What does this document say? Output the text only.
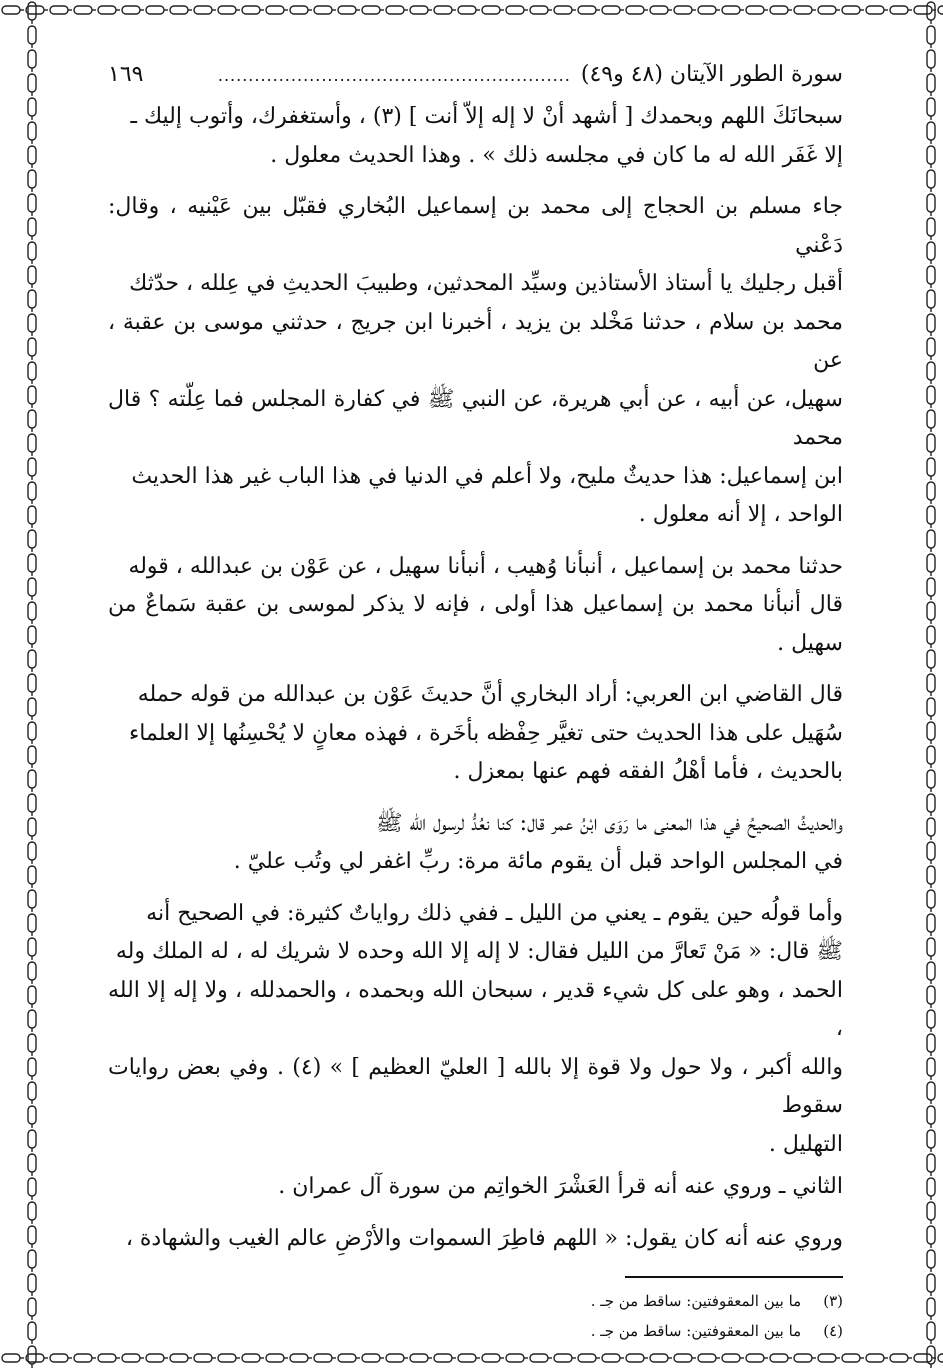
سورة الطور الآيتان (٤٨ و٤٩)
..........................................................
١٦٩

سبحانَكَ اللهم وبحمدك [ أشهد أنْ لا إله إلاّ أنت ] (٣) ، وأستغفرك، وأتوب إليك ـ

إلا غَفَر الله له ما كان في مجلسه ذلك » . وهذا الحديث معلول .

جاء مسلم بن الحجاج إلى محمد بن إسماعيل البُخاري فقبّل بين عَيْنيه ، وقال: دَعْني

أقبل رجليك يا أستاذ الأستاذين وسيِّد المحدثين، وطبيبَ الحديثِ في عِلله ، حدّثك

محمد بن سلام ، حدثنا مَخْلد بن يزيد ، أخبرنا ابن جريج ، حدثني موسى بن عقبة ، عن

سهيل، عن أبيه ، عن أبي هريرة، عن النبي ﷺ في كفارة المجلس فما عِلّته ؟ قال محمد

ابن إسماعيل: هذا حديثٌ مليح، ولا أعلم في الدنيا في هذا الباب غير هذا الحديث

الواحد ، إلا أنه معلول .

حدثنا محمد بن إسماعيل ، أنبأنا وُهيب ، أنبأنا سهيل ، عن عَوْن بن عبدالله ، قوله

قال أنبأنا محمد بن إسماعيل هذا أولى ، فإنه لا يذكر لموسى بن عقبة سَماعٌ من سهيل .

قال القاضي ابن العربي: أراد البخاري أنَّ حديثَ عَوْن بن عبدالله من قوله حمله

سُهَيل على هذا الحديث حتى تغيَّر حِفْظه بأخَرة ، فهذه معانٍ لا يُحْسِنُها إلا العلماء

بالحديث ، فأما أهْلُ الفقه فهم عنها بمعزل .

والحديثُ الصحيحُ في هذا المعنى ما رَوَى ابْنُ عمر قال: كنا نعُدُّ لرسول الله ﷺ

في المجلس الواحد قبل أن يقوم مائة مرة: ربِّ اغفر لي وتُب عليّ .

وأما قولُه حين يقوم ـ يعني من الليل ـ ففي ذلك رواياتٌ كثيرة: في الصحيح أنه

ﷺ قال: « مَنْ تَعارَّ من الليل فقال: لا إله إلا الله وحده لا شريك له ، له الملك وله

الحمد ، وهو على كل شيء قدير ، سبحان الله وبحمده ، والحمدلله ، ولا إله إلا الله ،

والله أكبر ، ولا حول ولا قوة إلا بالله [ العليّ العظيم ] » (٤) . وفي بعض روايات سقوط

التهليل .

الثاني ـ وروي عنه أنه قرأ العَشْرَ الخواتِم من سورة آل عمران .

وروي عنه أنه كان يقول: « اللهم فاطِرَ السموات والأرْضِ عالم الغيب والشهادة ،

(٣)
ما بين المعقوفتين: ساقط من جـ .
(٤)
ما بين المعقوفتين: ساقط من جـ .
